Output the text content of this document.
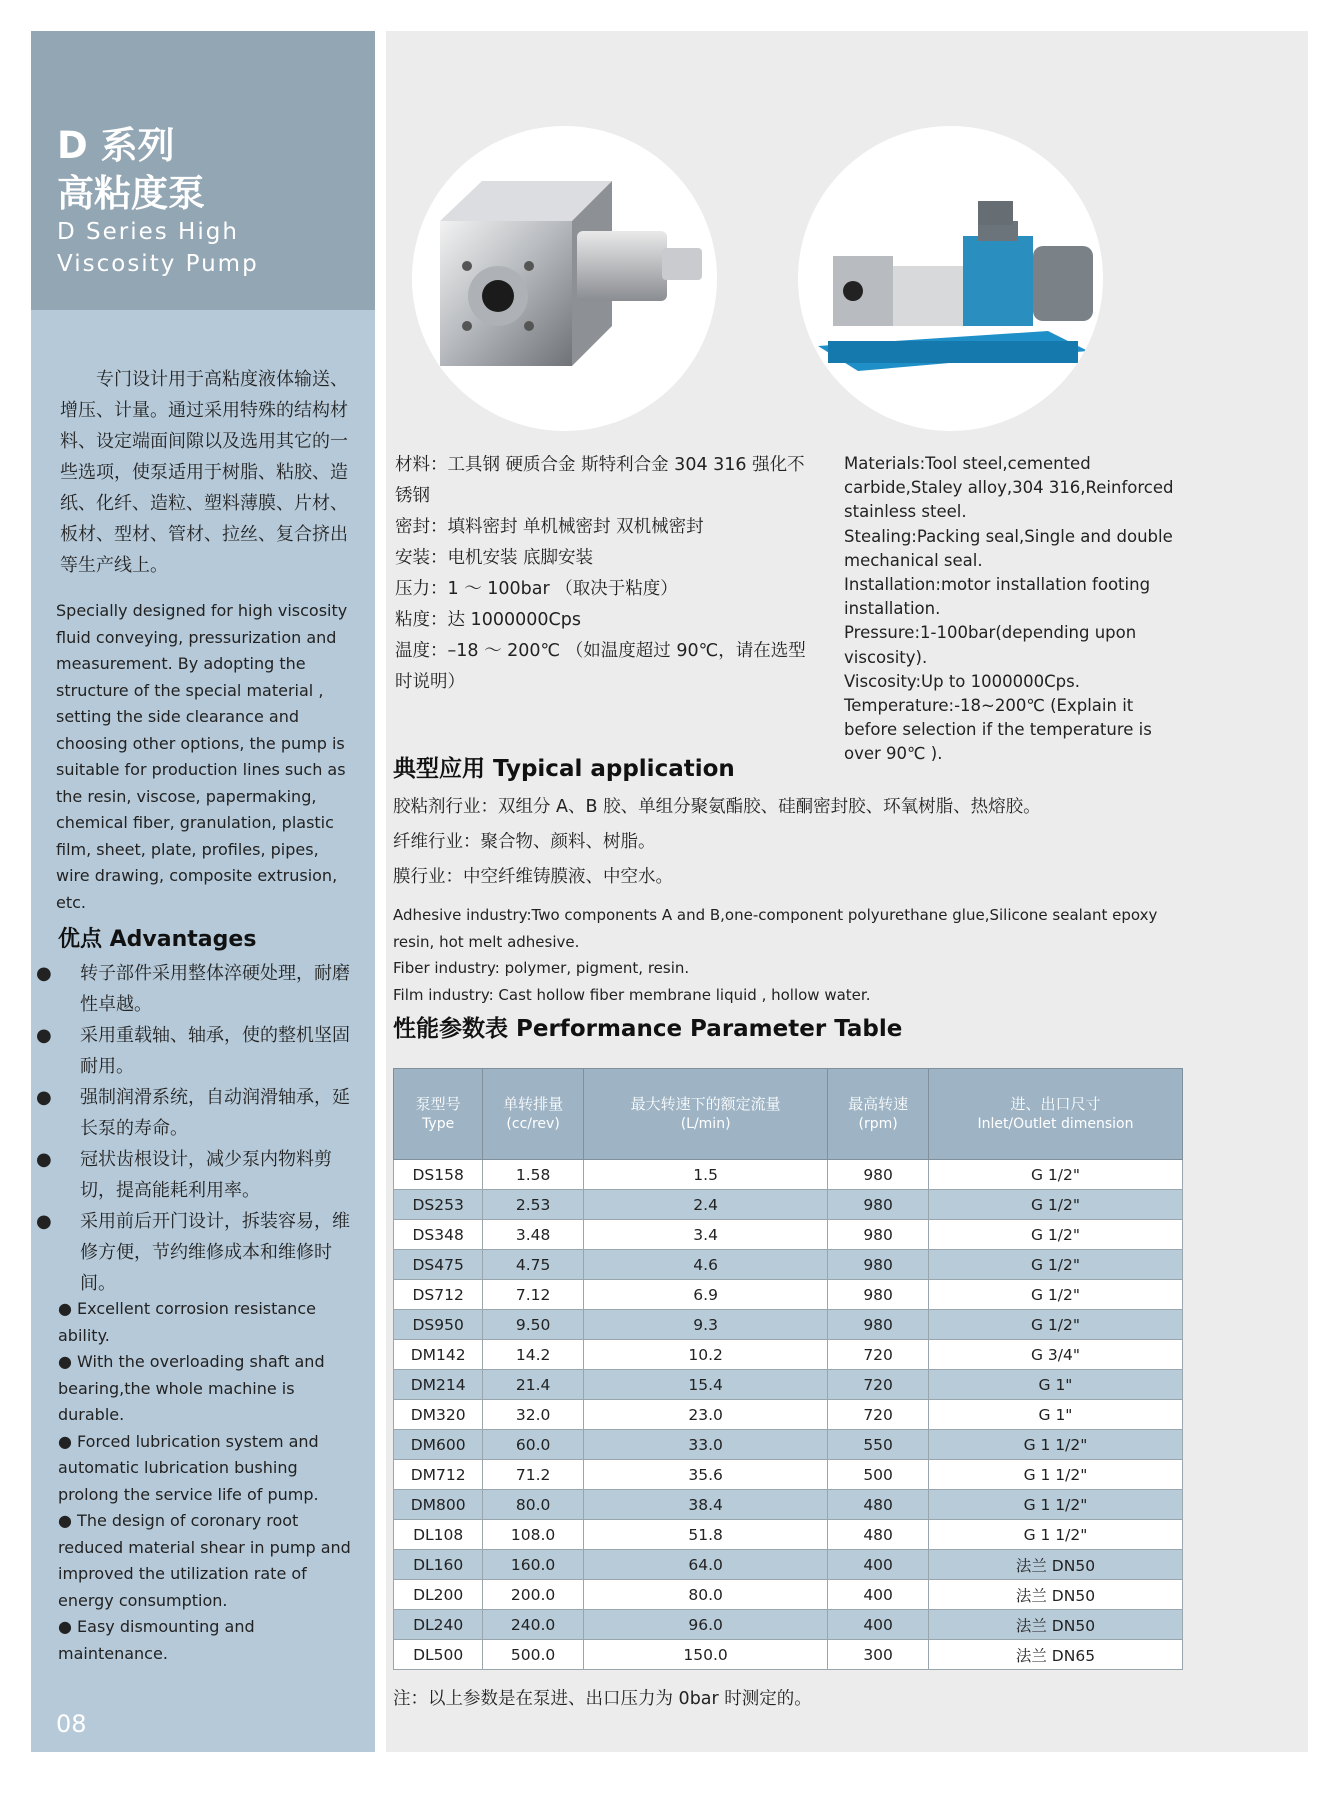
D 系列
高粘度泵
D Series High
Viscosity Pump
专门设计用于高粘度液体输送、增压、计量。通过采用特殊的结构材料、设定端面间隙以及选用其它的一些选项，使泵适用于树脂、粘胶、造纸、化纤、造粒、塑料薄膜、片材、板材、型材、管材、拉丝、复合挤出等生产线上。
Specially designed for high viscosity fluid conveying, pressurization and measurement. By adopting the structure of the special material , setting the side clearance and choosing other options, the pump is suitable for production lines such as the resin, viscose, papermaking, chemical fiber, granulation, plastic film, sheet, plate, profiles, pipes, wire drawing, composite extrusion, etc.
优点 Advantages
● 转子部件采用整体淬硬处理，耐磨性卓越。
● 采用重载轴、轴承，使的整机坚固耐用。
● 强制润滑系统，自动润滑轴承，延长泵的寿命。
● 冠状齿根设计，减少泵内物料剪切，提高能耗利用率。
● 采用前后开门设计，拆装容易，维修方便，节约维修成本和维修时间。
● Excellent corrosion resistance ability.
● With the overloading shaft and bearing,the whole machine is durable.
● Forced lubrication system and automatic lubrication bushing prolong the service life of pump.
● The design of coronary root reduced material shear in pump and improved the utilization rate of energy consumption.
● Easy dismounting and maintenance.
08
材料：工具钢 硬质合金 斯特利合金 304 316 强化不锈钢
密封：填料密封 单机械密封 双机械密封
安装：电机安装 底脚安装
压力：1 ～ 100bar （取决于粘度）
粘度：达 1000000Cps
温度：–18 ～ 200℃ （如温度超过 90℃，请在选型时说明）
Materials:Tool steel,cemented carbide,Staley alloy,304 316,Reinforced stainless steel.
Stealing:Packing seal,Single and double mechanical seal.
Installation:motor installation footing installation.
Pressure:1-100bar(depending upon viscosity).
Viscosity:Up to 1000000Cps.
Temperature:-18~200℃ (Explain it before selection if the temperature is over 90℃ ).
典型应用 Typical application
胶粘剂行业：双组分 A、B 胶、单组分聚氨酯胶、硅酮密封胶、环氧树脂、热熔胶。
纤维行业：聚合物、颜料、树脂。
膜行业：中空纤维铸膜液、中空水。
Adhesive industry:Two components A and B,one-component polyurethane glue,Silicone sealant epoxy resin, hot melt adhesive.
Fiber industry: polymer, pigment, resin.
Film industry: Cast hollow fiber membrane liquid , hollow water.
性能参数表 Performance Parameter Table
泵型号

Type	单转排量

(cc/rev)	最大转速下的额定流量

(L/min)	最高转速

(rpm)	进、出口尺寸

Inlet/Outlet dimension

DS158	1.58	1.5	980	G 1/2"
DS253	2.53	2.4	980	G 1/2"
DS348	3.48	3.4	980	G 1/2"
DS475	4.75	4.6	980	G 1/2"
DS712	7.12	6.9	980	G 1/2"
DS950	9.50	9.3	980	G 1/2"
DM142	14.2	10.2	720	G 3/4"
DM214	21.4	15.4	720	G 1"
DM320	32.0	23.0	720	G 1"
DM600	60.0	33.0	550	G 1 1/2"
DM712	71.2	35.6	500	G 1 1/2"
DM800	80.0	38.4	480	G 1 1/2"
DL108	108.0	51.8	480	G 1 1/2"
DL160	160.0	64.0	400	法兰 DN50
DL200	200.0	80.0	400	法兰 DN50
DL240	240.0	96.0	400	法兰 DN50
DL500	500.0	150.0	300	法兰 DN65
注：以上参数是在泵进、出口压力为 0bar 时测定的。
